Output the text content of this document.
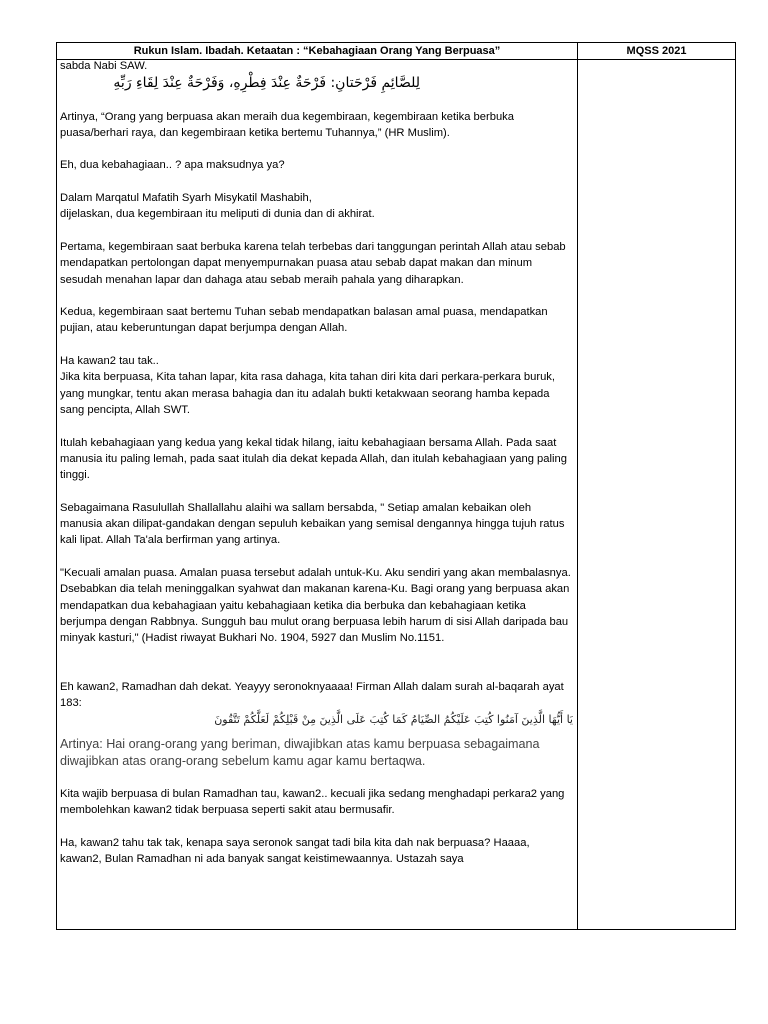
Rukun Islam. Ibadah. Ketaatan : “Kebahagiaan Orang Yang Berpuasa”	MQSS 2021

sabda Nabi SAW.

لِلصَّائِمِ فَرْحَتانِ: فَرْحَةٌ عِنْدَ فِطْرِهِ، وَفَرْحَةٌ عِنْدَ لِقَاءِ رَبِّهِ

Artinya, “Orang yang berpuasa akan meraih dua kegembiraan, kegembiraan ketika berbuka puasa/berhari raya, dan kegembiraan ketika bertemu Tuhannya,” (HR Muslim).

Eh, dua kebahagiaan.. ? apa maksudnya ya?

Dalam Marqatul Mafatih Syarh Misykatil Mashabih,

dijelaskan, dua kegembiraan itu meliputi di dunia dan di akhirat.

Pertama, kegembiraan saat berbuka karena telah terbebas dari tanggungan perintah Allah atau sebab mendapatkan pertolongan dapat menyempurnakan puasa atau sebab dapat makan dan minum sesudah menahan lapar dan dahaga atau sebab meraih pahala yang diharapkan.

Kedua, kegembiraan saat bertemu Tuhan sebab mendapatkan balasan amal puasa, mendapatkan pujian, atau keberuntungan dapat berjumpa dengan Allah.

Ha kawan2 tau tak..

Jika kita berpuasa, Kita tahan lapar, kita rasa dahaga, kita tahan diri kita dari perkara-perkara buruk, yang mungkar, tentu akan merasa bahagia dan itu adalah bukti ketakwaan seorang hamba kepada sang pencipta, Allah SWT.

Itulah kebahagiaan yang kedua yang kekal tidak hilang, iaitu kebahagiaan bersama Allah. Pada saat manusia itu paling lemah, pada saat itulah dia dekat kepada Allah, dan itulah kebahagiaan yang paling tinggi.

Sebagaimana Rasulullah Shallallahu alaihi wa sallam bersabda, " Setiap amalan kebaikan oleh manusia akan dilipat-gandakan dengan sepuluh kebaikan yang semisal dengannya hingga tujuh ratus kali lipat. Allah Ta'ala berfirman yang artinya.

"Kecuali amalan puasa. Amalan puasa tersebut adalah untuk-Ku. Aku sendiri yang akan membalasnya. Dsebabkan dia telah meninggalkan syahwat dan makanan karena-Ku. Bagi orang yang berpuasa akan mendapatkan dua kebahagiaan yaitu kebahagiaan ketika dia berbuka dan kebahagiaan ketika berjumpa dengan Rabbnya. Sungguh bau mulut orang berpuasa lebih harum di sisi Allah daripada bau minyak kasturi," (Hadist riwayat Bukhari No. 1904, 5927 dan Muslim No.1151.

Eh kawan2, Ramadhan dah dekat. Yeayyy seronoknyaaaa! Firman Allah dalam surah al-baqarah ayat 183:

يَا أَيُّهَا الَّذِينَ آمَنُوا كُتِبَ عَلَيْكُمُ الصِّيَامُ كَمَا كُتِبَ عَلَى الَّذِينَ مِنْ قَبْلِكُمْ لَعَلَّكُمْ تَتَّقُونَ

Artinya: Hai orang-orang yang beriman, diwajibkan atas kamu berpuasa sebagaimana diwajibkan atas orang-orang sebelum kamu agar kamu bertaqwa.

Kita wajib berpuasa di bulan Ramadhan tau, kawan2.. kecuali jika sedang menghadapi perkara2 yang membolehkan kawan2 tidak berpuasa seperti sakit atau bermusafir.

Ha, kawan2 tahu tak tak, kenapa saya seronok sangat tadi bila kita dah nak berpuasa? Haaaa, kawan2, Bulan Ramadhan ni ada banyak sangat keistimewaannya. Ustazah saya
